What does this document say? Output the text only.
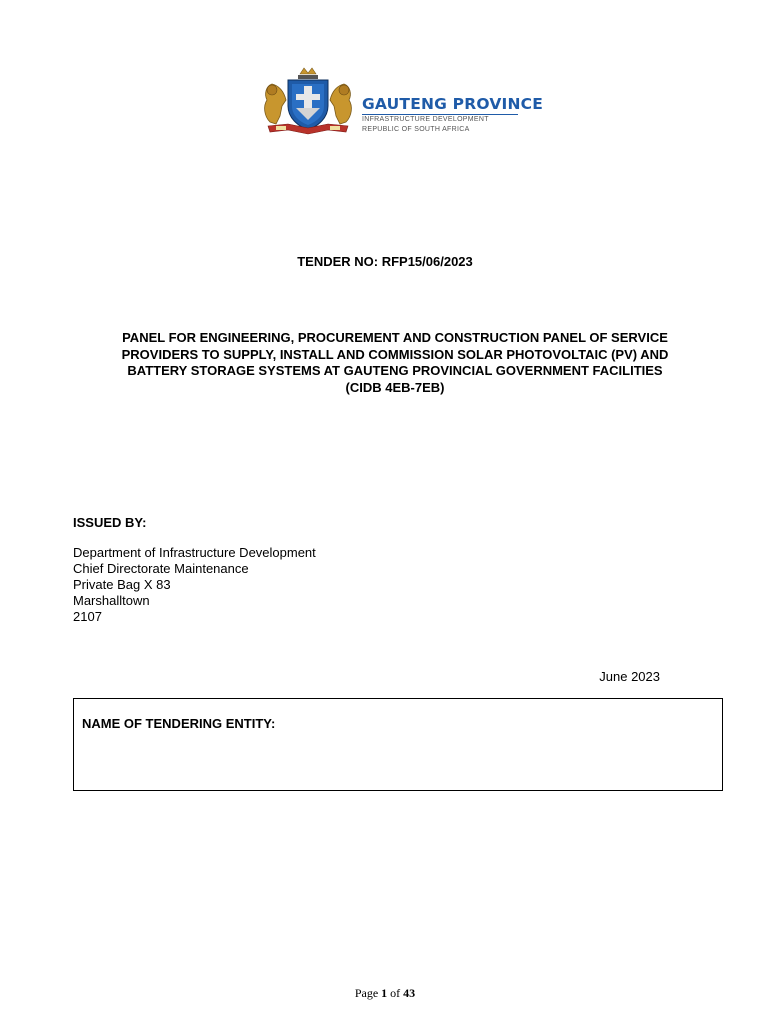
GAUTENG PROVINCE
INFRASTRUCTURE DEVELOPMENT
REPUBLIC OF SOUTH AFRICA
TENDER NO: RFP15/06/2023
PANEL FOR ENGINEERING, PROCUREMENT AND CONSTRUCTION PANEL OF SERVICE
PROVIDERS TO SUPPLY, INSTALL AND COMMISSION SOLAR PHOTOVOLTAIC (PV) AND
BATTERY STORAGE SYSTEMS AT GAUTENG PROVINCIAL GOVERNMENT FACILITIES
(CIDB 4EB-7EB)
ISSUED BY:
Department of Infrastructure Development
Chief Directorate Maintenance
Private Bag X 83
Marshalltown
2107
June 2023
NAME OF TENDERING ENTITY:
Page 1 of 43
